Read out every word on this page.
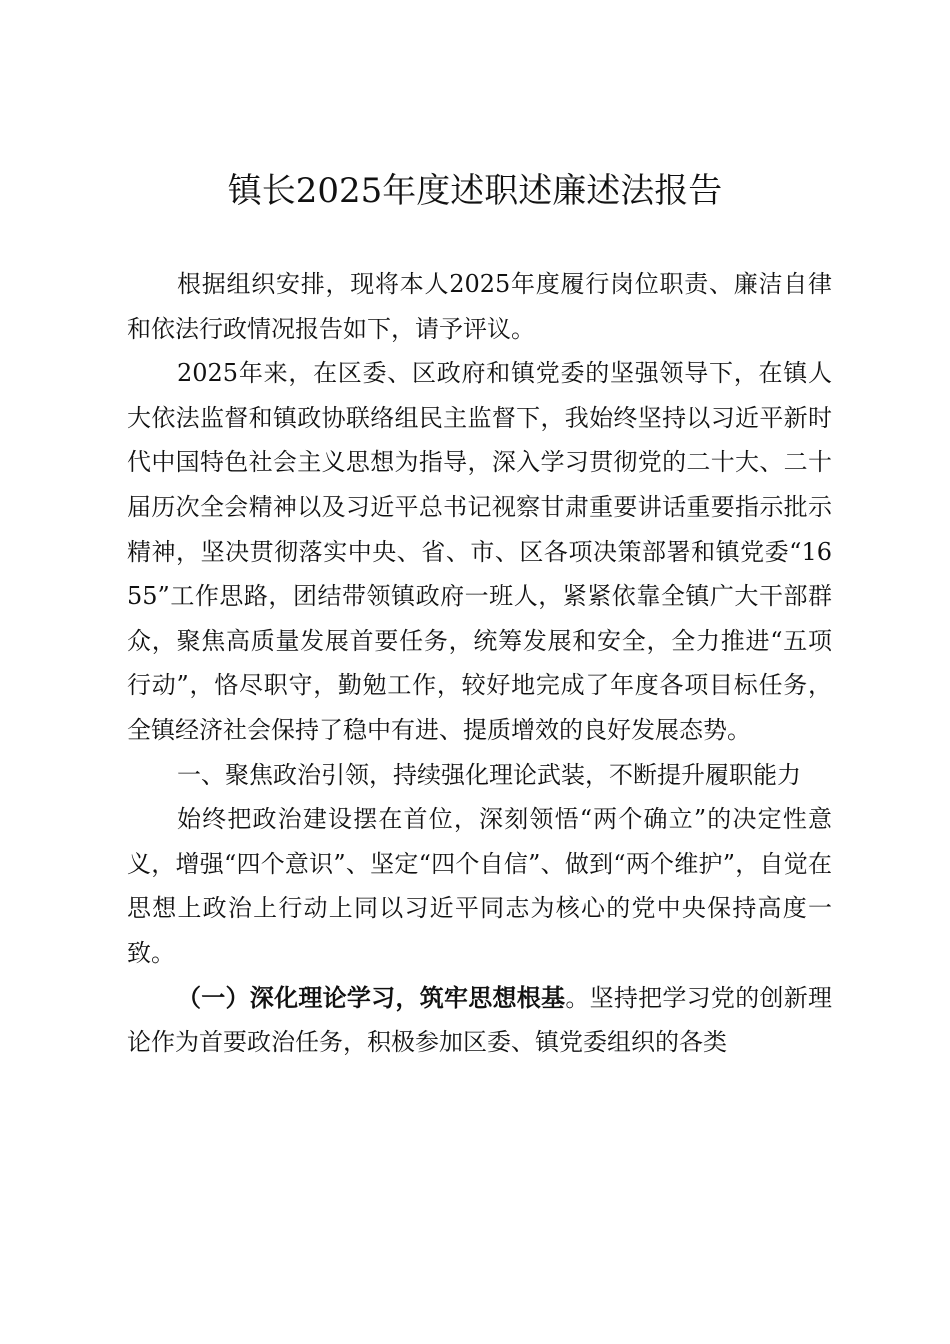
镇长2025年度述职述廉述法报告

根据组织安排，现将本人2025年度履行岗位职责、廉洁自律和依法行政情况报告如下，请予评议。

2025年来，在区委、区政府和镇党委的坚强领导下，在镇人大依法监督和镇政协联络组民主监督下，我始终坚持以习近平新时代中国特色社会主义思想为指导，深入学习贯彻党的二十大、二十届历次全会精神以及习近平总书记视察甘肃重要讲话重要指示批示精神，坚决贯彻落实中央、省、市、区各项决策部署和镇党委“1655”工作思路，团结带领镇政府一班人，紧紧依靠全镇广大干部群众，聚焦高质量发展首要任务，统筹发展和安全，全力推进“五项行动”，恪尽职守，勤勉工作，较好地完成了年度各项目标任务，全镇经济社会保持了稳中有进、提质增效的良好发展态势。

一、聚焦政治引领，持续强化理论武装，不断提升履职能力

始终把政治建设摆在首位，深刻领悟“两个确立”的决定性意义，增强“四个意识”、坚定“四个自信”、做到“两个维护”，自觉在思想上政治上行动上同以习近平同志为核心的党中央保持高度一致。

（一）深化理论学习，筑牢思想根基。坚持把学习党的创新理论作为首要政治任务，积极参加区委、镇党委组织的各类
